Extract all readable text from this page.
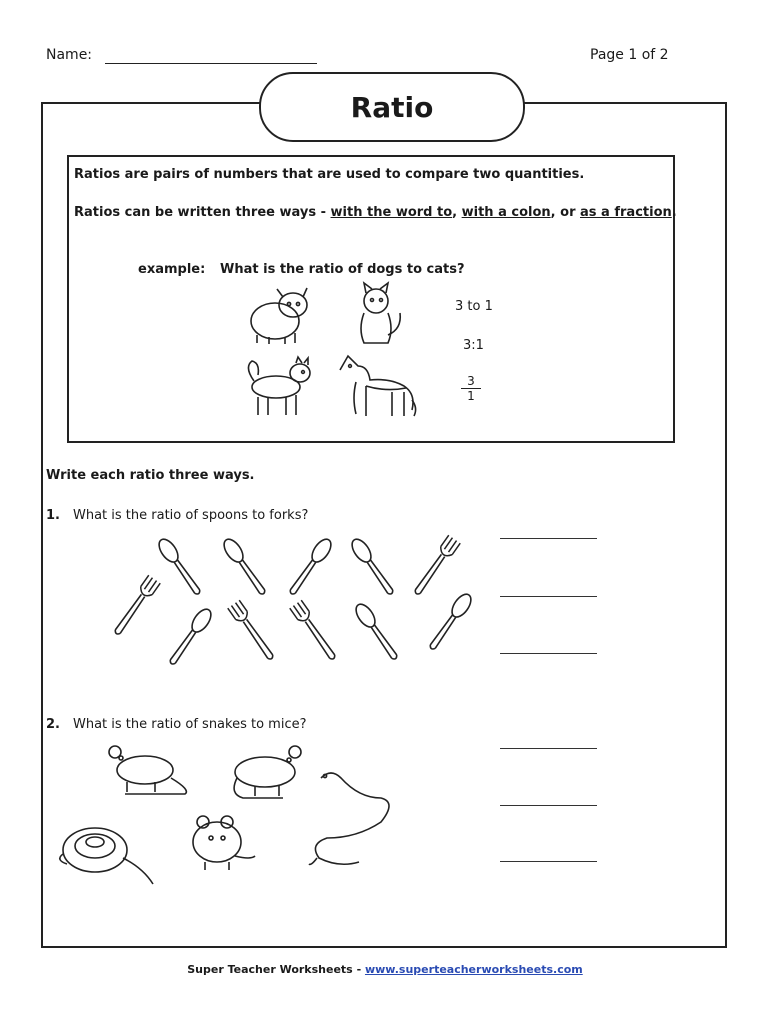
Name:	Page 1 of 2
Ratio
Ratios are pairs of numbers that are used to compare two quantities.
Ratios can be written three ways - with the word to, with a colon, or as a fraction.
example: What is the ratio of dogs to cats?
3 to 1
3:1
$\frac{3}{1}$
Write each ratio three ways.
1. What is the ratio of spoons to forks?
2. What is the ratio of snakes to mice?
Super Teacher Worksheets - www.superteacherworksheets.com
